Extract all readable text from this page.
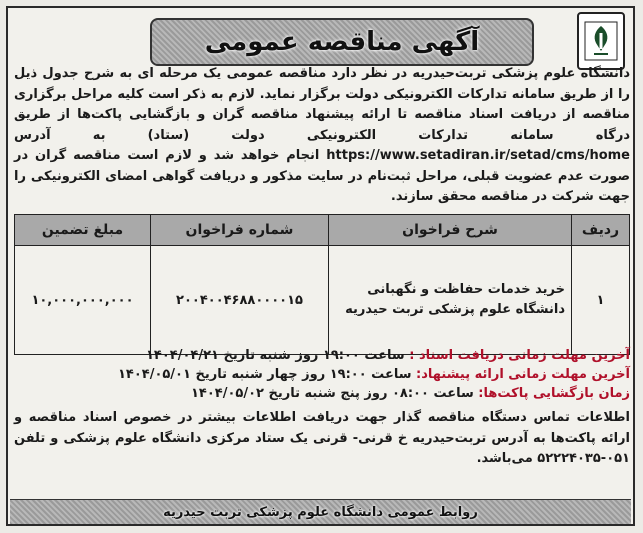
آگهی مناقصه عمومی
دانشگاه علوم پزشکی تربت‌حیدریه در نظر دارد مناقصه عمومی یک مرحله ای به شرح جدول ذیل را از طریق سامانه تدارکات الکترونیکی دولت برگزار نماید. لازم به ذکر است کلیه مراحل برگزاری مناقصه از دریافت اسناد مناقصه تا ارائه پیشنهاد مناقصه گران و بازگشایی پاکت‌ها از طریق درگاه سامانه تدارکات الکترونیکی دولت (ستاد) به آدرس https://www.setadiran.ir/setad/cms/home انجام خواهد شد و لازم است مناقصه گران در صورت عدم عضویت قبلی، مراحل ثبت‌نام در سایت مذکور و دریافت گواهی امضای الکترونیکی را جهت شرکت در مناقصه محقق سازند.
ردیف	شرح فراخوان	شماره فراخوان	مبلغ تضمین
۱	خرید خدمات حفاظت و نگهبانی دانشگاه علوم پزشکی تربت حیدریه	۲۰۰۴۰۰۴۶۸۸۰۰۰۰۱۵	۱۰,۰۰۰,۰۰۰,۰۰۰
آخرین مهلت زمانی دریافت اسناد : ساعت ۱۹:۰۰ روز شنبه تاریخ ۱۴۰۴/۰۴/۲۱
آخرین مهلت زمانی ارائه پیشنهاد: ساعت ۱۹:۰۰ روز چهار شنبه تاریخ ۱۴۰۴/۰۵/۰۱
زمان بازگشایی پاکت‌ها: ساعت ۰۸:۰۰ روز پنج شنبه تاریخ ۱۴۰۴/۰۵/۰۲
اطلاعات تماس دستگاه مناقصه گذار جهت دریافت اطلاعات بیشتر در خصوص اسناد مناقصه و ارائه پاکت‌ها به آدرس تربت‌حیدریه خ قرنی- قرنی یک ستاد مرکزی دانشگاه علوم پزشکی و تلفن ۰۵۱-۵۲۲۲۴۰۳۵ می‌باشد.
روابط عمومی دانشگاه علوم پزشکی تربت حیدریه
